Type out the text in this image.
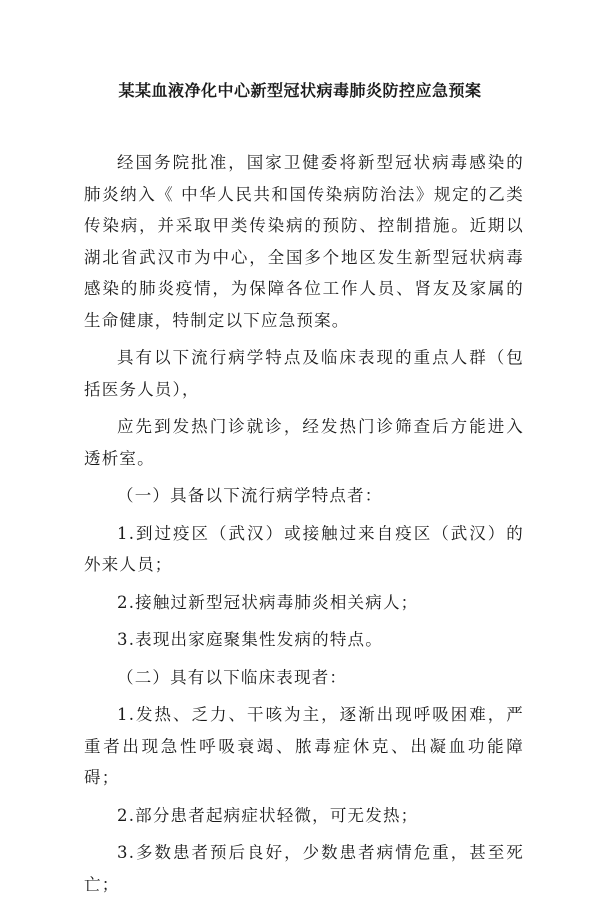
某某血液净化中心新型冠状病毒肺炎防控应急预案

经国务院批准，国家卫健委将新型冠状病毒感染的肺炎纳入《 中华人民共和国传染病防治法》规定的乙类传染病，并采取甲类传染病的预防、控制措施。近期以湖北省武汉市为中心，全国多个地区发生新型冠状病毒感染的肺炎疫情，为保障各位工作人员、肾友及家属的生命健康，特制定以下应急预案。

具有以下流行病学特点及临床表现的重点人群（包括医务人员），

应先到发热门诊就诊，经发热门诊筛查后方能进入透析室。

（一）具备以下流行病学特点者：

1.到过疫区（武汉）或接触过来自疫区（武汉）的外来人员；

2.接触过新型冠状病毒肺炎相关病人；

3.表现出家庭聚集性发病的特点。

（二）具有以下临床表现者：

1.发热、乏力、干咳为主，逐渐出现呼吸困难，严重者出现急性呼吸衰竭、脓毒症休克、出凝血功能障碍；

2.部分患者起病症状轻微，可无发热；

3.多数患者预后良好，少数患者病情危重，甚至死亡；
